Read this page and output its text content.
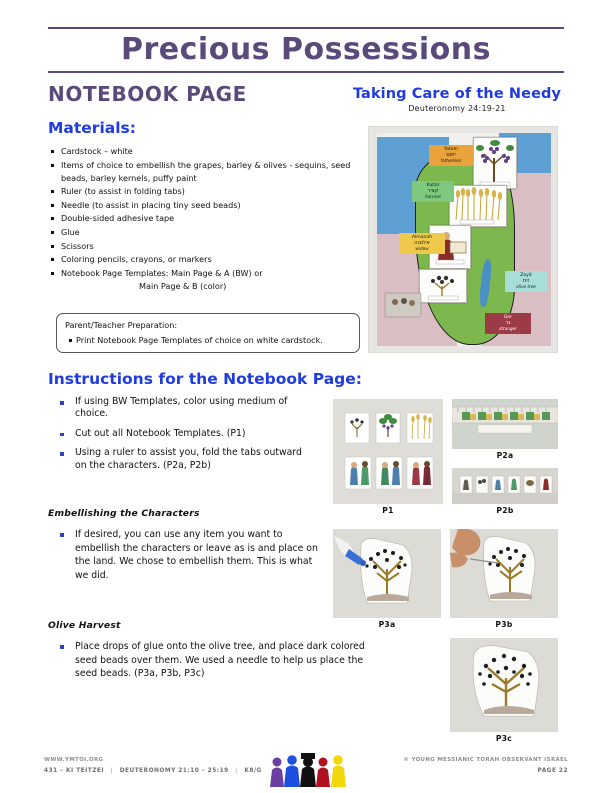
Precious Possessions
NOTEBOOK PAGE	Taking Care of the Needy
Deuteronomy 24:19-21
Materials:
Cardstock – white
Items of choice to embellish the grapes, barley & olives - sequins, seed beads, barley kernels, puffy paint
Ruler (to assist in folding tabs)
Needle (to assist in placing tiny seed beads)
Double-sided adhesive tape
Glue
Scissors
Coloring pencils, crayons, or markers
Notebook Page Templates: Main Page & A (BW) or
Main Page & B (color)
Parent/Teacher Preparation:
Print Notebook Page Templates of choice on white cardstock.
Yatom
יתום
fatherless
Katzir
קציר
harvest
Almanah
אלמנה
widow
Zayit
זית
olive tree
Ger
גר
stranger
Instructions for the Notebook Page:
If using BW Templates, color using medium of choice.
Cut out all Notebook Templates. (P1)
Using a ruler to assist you, fold the tabs outward on the characters. (P2a, P2b)
Embellishing the Characters
If desired, you can use any item you want to embellish the characters or leave as is and place on the land. We chose to embellish them. This is what we did.
Olive Harvest
Place drops of glue onto the olive tree, and place dark colored seed beads over them. We used a needle to help us place the seed beads. (P3a, P3b, P3c)
P1
P2a
P2b
P3a	P3b
P3c
WWW.YMTOI.ORG
431 – KI TEITZEI | DEUTERONOMY 21:10 – 25:19 | K8/G
© YOUNG MESSIANIC TORAH OBSERVANT ISRAEL
PAGE 22
